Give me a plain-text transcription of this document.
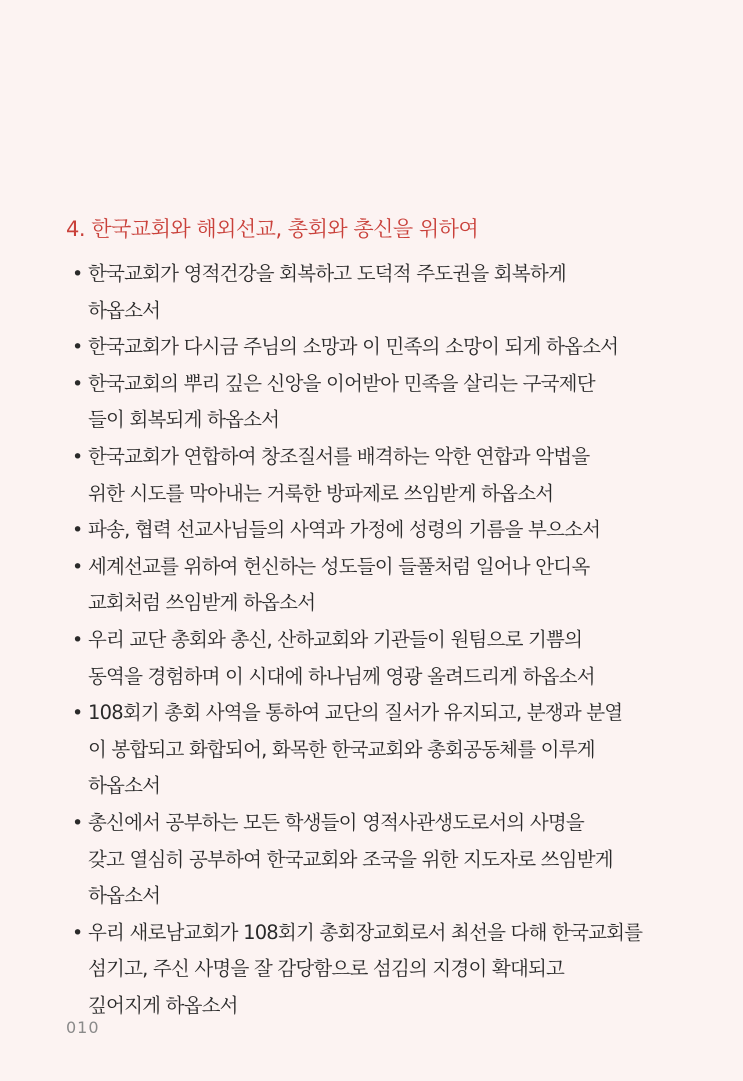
4. 한국교회와 해외선교, 총회와 총신을 위하여
• 한국교회가 영적건강을 회복하고 도덕적 주도권을 회복하게
하옵소서
• 한국교회가 다시금 주님의 소망과 이 민족의 소망이 되게 하옵소서
• 한국교회의 뿌리 깊은 신앙을 이어받아 민족을 살리는 구국제단
들이 회복되게 하옵소서
• 한국교회가 연합하여 창조질서를 배격하는 악한 연합과 악법을
위한 시도를 막아내는 거룩한 방파제로 쓰임받게 하옵소서
• 파송, 협력 선교사님들의 사역과 가정에 성령의 기름을 부으소서
• 세계선교를 위하여 헌신하는 성도들이 들풀처럼 일어나 안디옥
교회처럼 쓰임받게 하옵소서
• 우리 교단 총회와 총신, 산하교회와 기관들이 원팀으로 기쁨의
동역을 경험하며 이 시대에 하나님께 영광 올려드리게 하옵소서
• 108회기 총회 사역을 통하여 교단의 질서가 유지되고, 분쟁과 분열
이 봉합되고 화합되어, 화목한 한국교회와 총회공동체를 이루게
하옵소서
• 총신에서 공부하는 모든 학생들이 영적사관생도로서의 사명을
갖고 열심히 공부하여 한국교회와 조국을 위한 지도자로 쓰임받게
하옵소서
• 우리 새로남교회가 108회기 총회장교회로서 최선을 다해 한국교회를
섬기고, 주신 사명을 잘 감당함으로 섬김의 지경이 확대되고
깊어지게 하옵소서
010
